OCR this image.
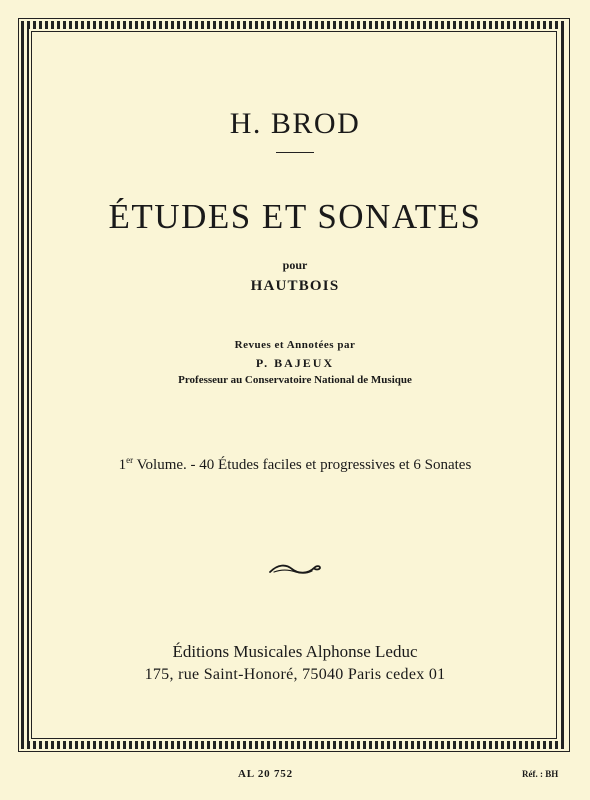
H. BROD
ÉTUDES ET SONATES
pour
HAUTBOIS
Revues et Annotées par
P. BAJEUX
Professeur au Conservatoire National de Musique
1er Volume. - 40 Études faciles et progressives et 6 Sonates
Éditions Musicales Alphonse Leduc
175, rue Saint-Honoré, 75040 Paris cedex 01
AL 20 752	Réf. : BH
